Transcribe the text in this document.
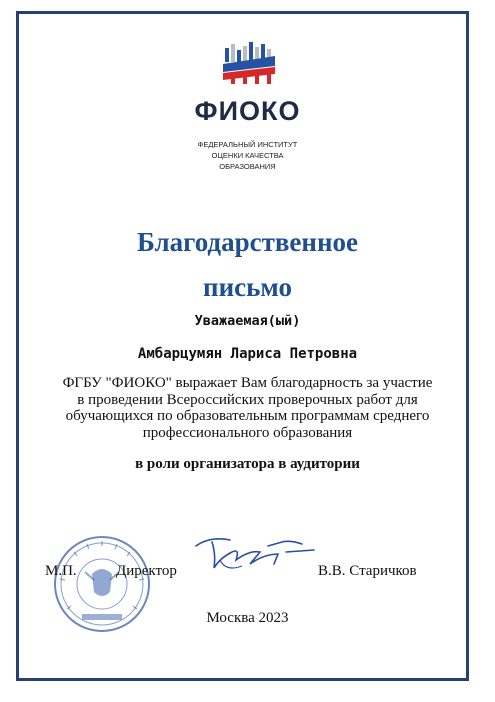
ФИОКО
ФЕДЕРАЛЬНЫЙ ИНСТИТУТ
ОЦЕНКИ КАЧЕСТВА
ОБРАЗОВАНИЯ
Благодарственное
письмо
Уважаемая(ый)
Амбарцумян Лариса Петровна
ФГБУ "ФИОКО" выражает Вам благодарность за участие
в проведении Всероссийских проверочных работ для
обучающихся по образовательным программам среднего
профессионального образования
в роли организатора в аудитории
М.П.	Директор	В.В. Старичков
Москва 2023
